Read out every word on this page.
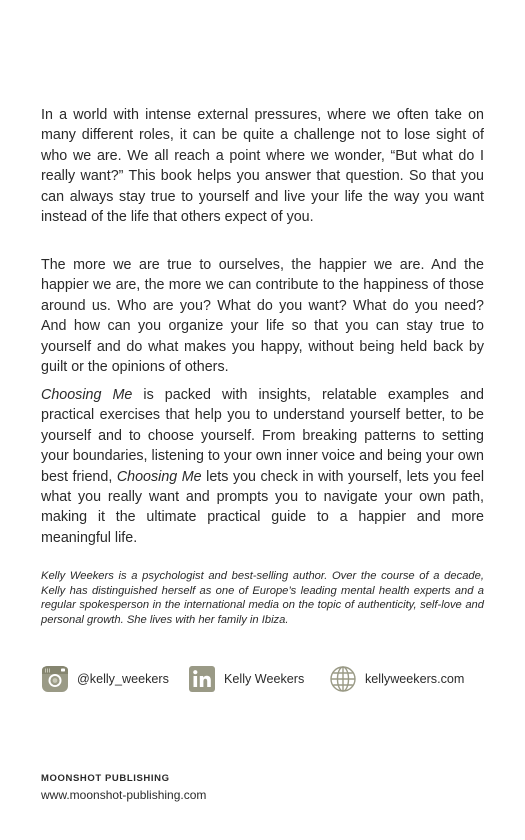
In a world with intense external pressures, where we often take on many different roles, it can be quite a challenge not to lose sight of who we are. We all reach a point where we wonder, “But what do I really want?” This book helps you answer that question. So that you can always stay true to yourself and live your life the way you want instead of the life that others expect of you.

The more we are true to ourselves, the happier we are. And the happier we are, the more we can contribute to the happiness of those around us. Who are you? What do you want? What do you need? And how can you organize your life so that you can stay true to yourself and do what makes you happy, without being held back by guilt or the opinions of others.

Choosing Me is packed with insights, relatable examples and practical exercises that help you to understand yourself better, to be yourself and to choose yourself. From breaking patterns to setting your boundaries, listening to your own inner voice and being your own best friend, Choosing Me lets you check in with yourself, lets you feel what you really want and prompts you to navigate your own path, making it the ultimate practical guide to a happier and more meaningful life.

Kelly Weekers is a psychologist and best-selling author. Over the course of a decade, Kelly has distinguished herself as one of Europe’s leading mental health experts and a regular spokesperson in the international media on the topic of authenticity, self-love and personal growth. She lives with her family in Ibiza.

@kelly_weekers	Kelly Weekers	kellyweekers.com
MOONSHOT PUBLISHING
www.moonshot-publishing.com
